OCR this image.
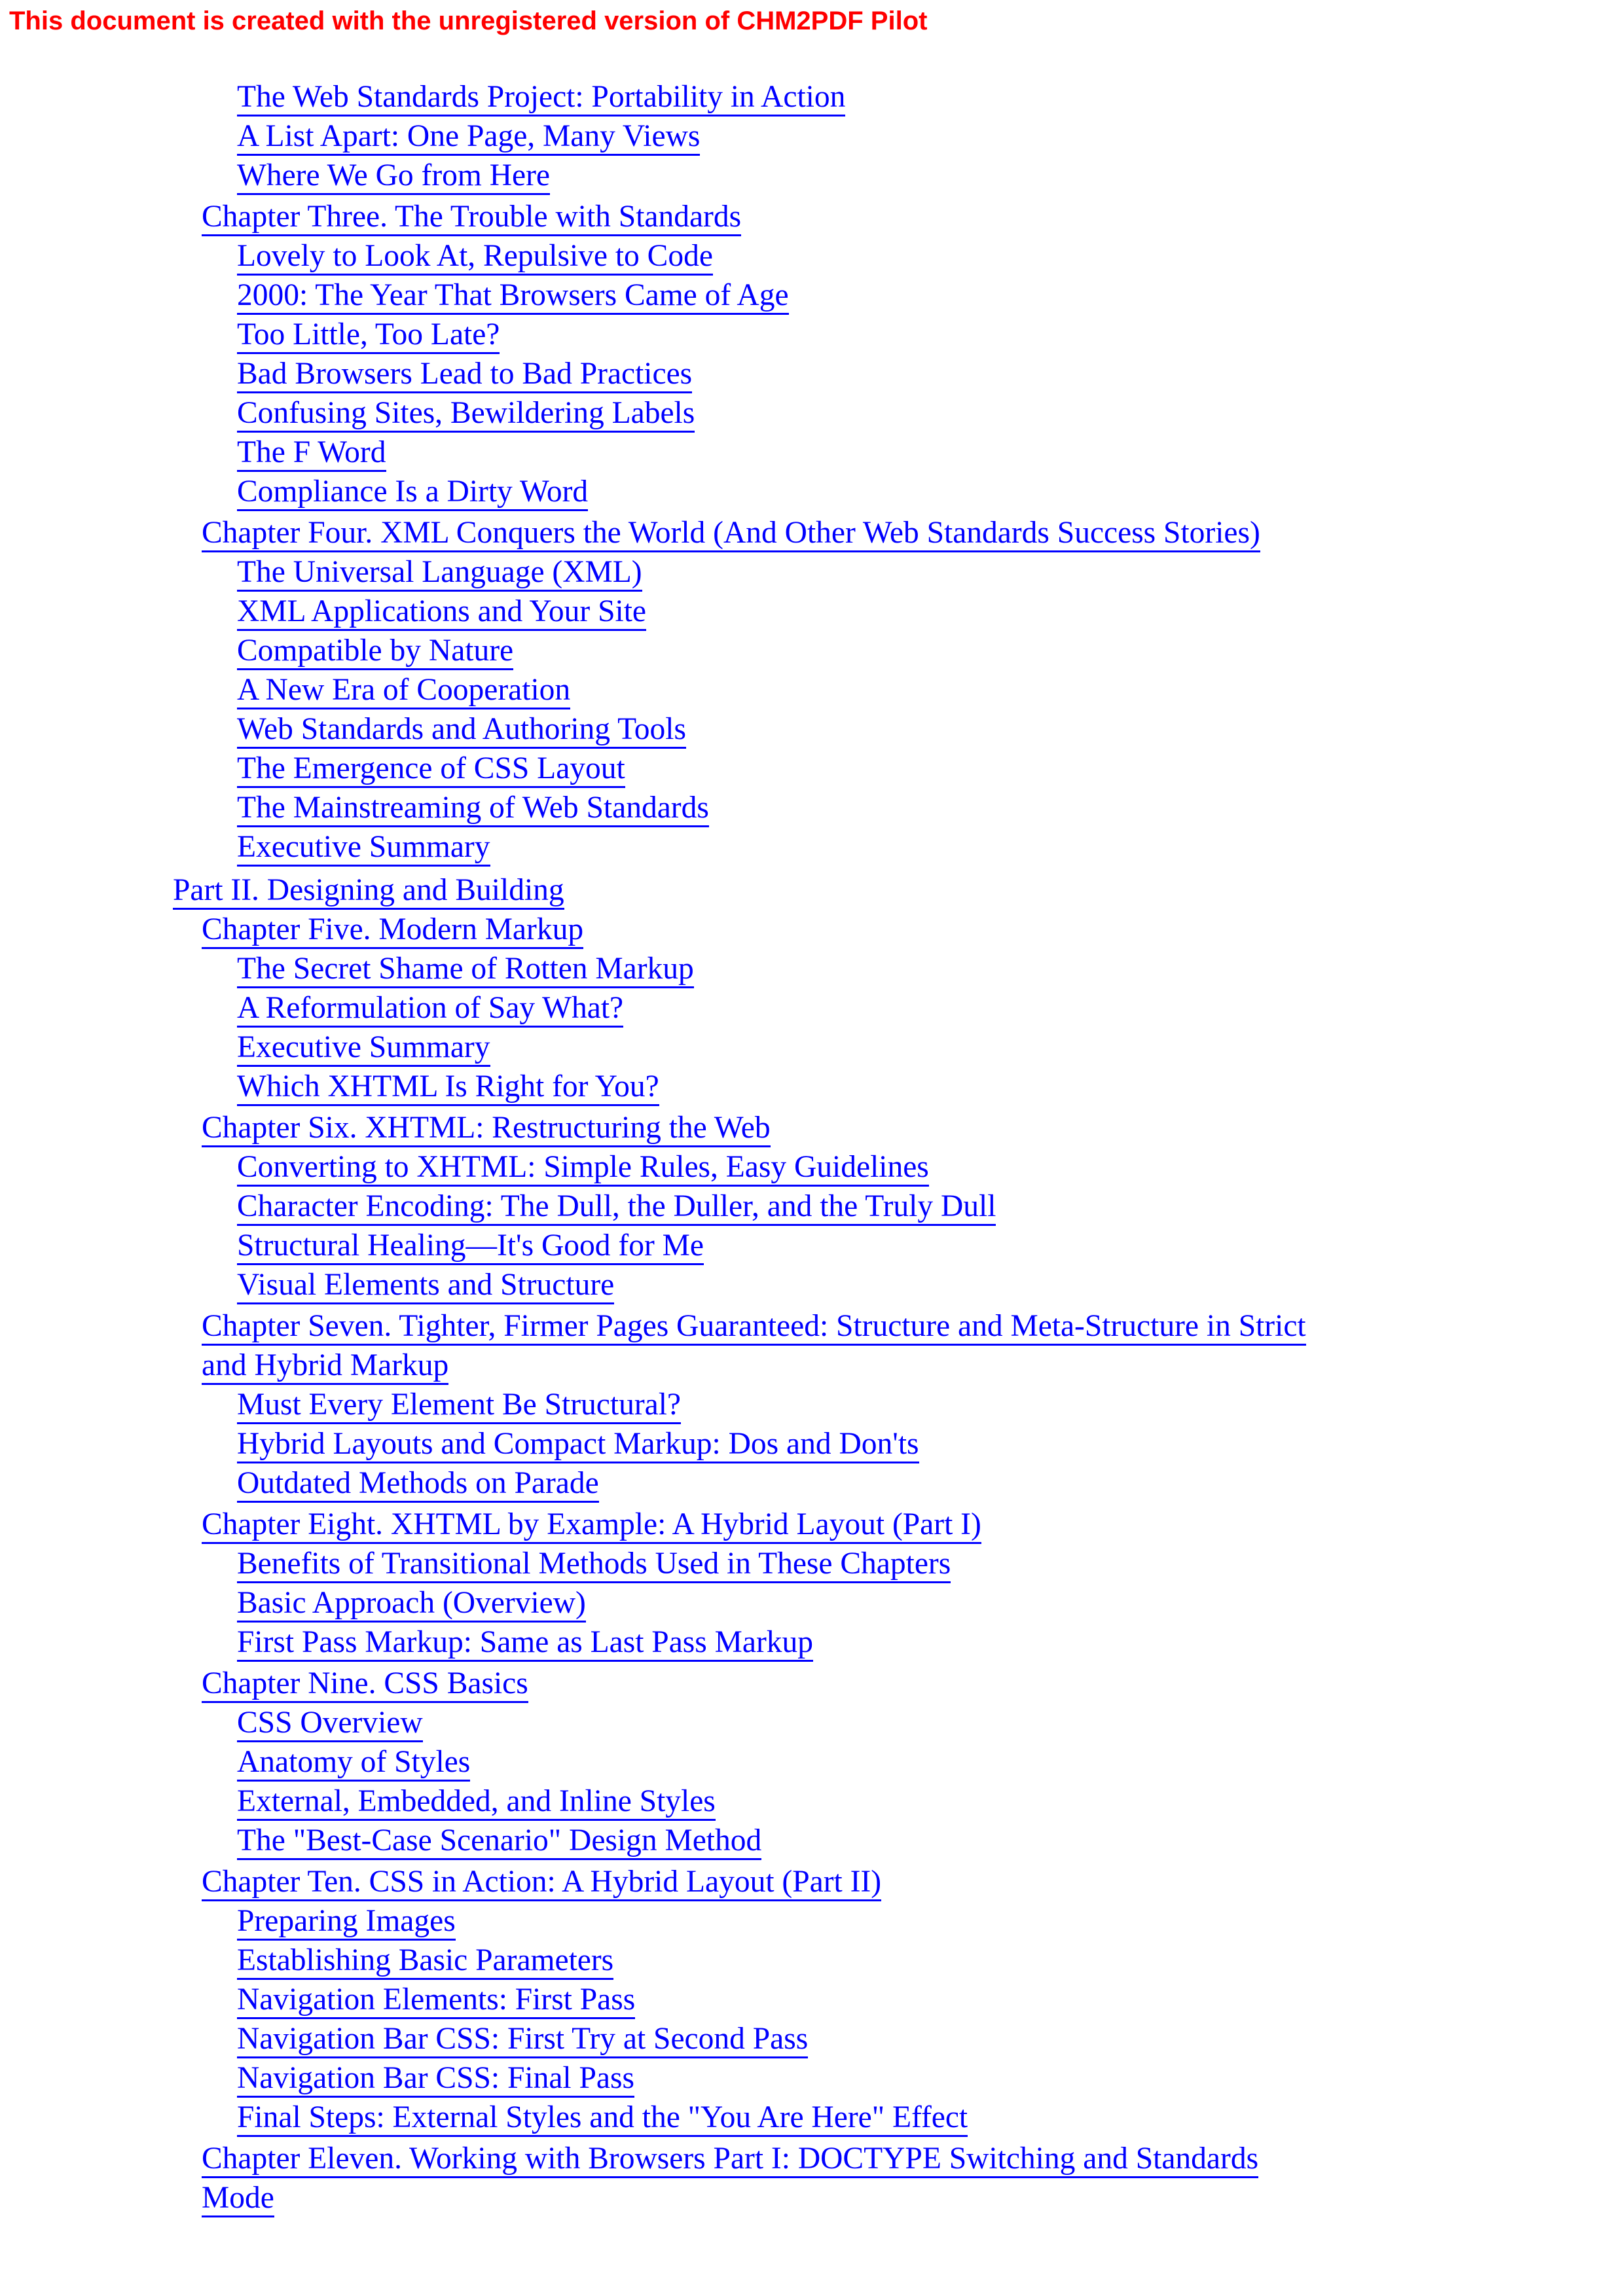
This document is created with the unregistered version of CHM2PDF Pilot
The Web Standards Project: Portability in Action
A List Apart: One Page, Many Views
Where We Go from Here
Chapter Three. The Trouble with Standards
Lovely to Look At, Repulsive to Code
2000: The Year That Browsers Came of Age
Too Little, Too Late?
Bad Browsers Lead to Bad Practices
Confusing Sites, Bewildering Labels
The F Word
Compliance Is a Dirty Word
Chapter Four. XML Conquers the World (And Other Web Standards Success Stories)
The Universal Language (XML)
XML Applications and Your Site
Compatible by Nature
A New Era of Cooperation
Web Standards and Authoring Tools
The Emergence of CSS Layout
The Mainstreaming of Web Standards
Executive Summary
Part II. Designing and Building
Chapter Five. Modern Markup
The Secret Shame of Rotten Markup
A Reformulation of Say What?
Executive Summary
Which XHTML Is Right for You?
Chapter Six. XHTML: Restructuring the Web
Converting to XHTML: Simple Rules, Easy Guidelines
Character Encoding: The Dull, the Duller, and the Truly Dull
Structural Healing—It's Good for Me
Visual Elements and Structure
Chapter Seven. Tighter, Firmer Pages Guaranteed: Structure and Meta-Structure in Strict and Hybrid Markup
Must Every Element Be Structural?
Hybrid Layouts and Compact Markup: Dos and Don'ts
Outdated Methods on Parade
Chapter Eight. XHTML by Example: A Hybrid Layout (Part I)
Benefits of Transitional Methods Used in These Chapters
Basic Approach (Overview)
First Pass Markup: Same as Last Pass Markup
Chapter Nine. CSS Basics
CSS Overview
Anatomy of Styles
External, Embedded, and Inline Styles
The "Best-Case Scenario" Design Method
Chapter Ten. CSS in Action: A Hybrid Layout (Part II)
Preparing Images
Establishing Basic Parameters
Navigation Elements: First Pass
Navigation Bar CSS: First Try at Second Pass
Navigation Bar CSS: Final Pass
Final Steps: External Styles and the "You Are Here" Effect
Chapter Eleven. Working with Browsers Part I: DOCTYPE Switching and Standards Mode
